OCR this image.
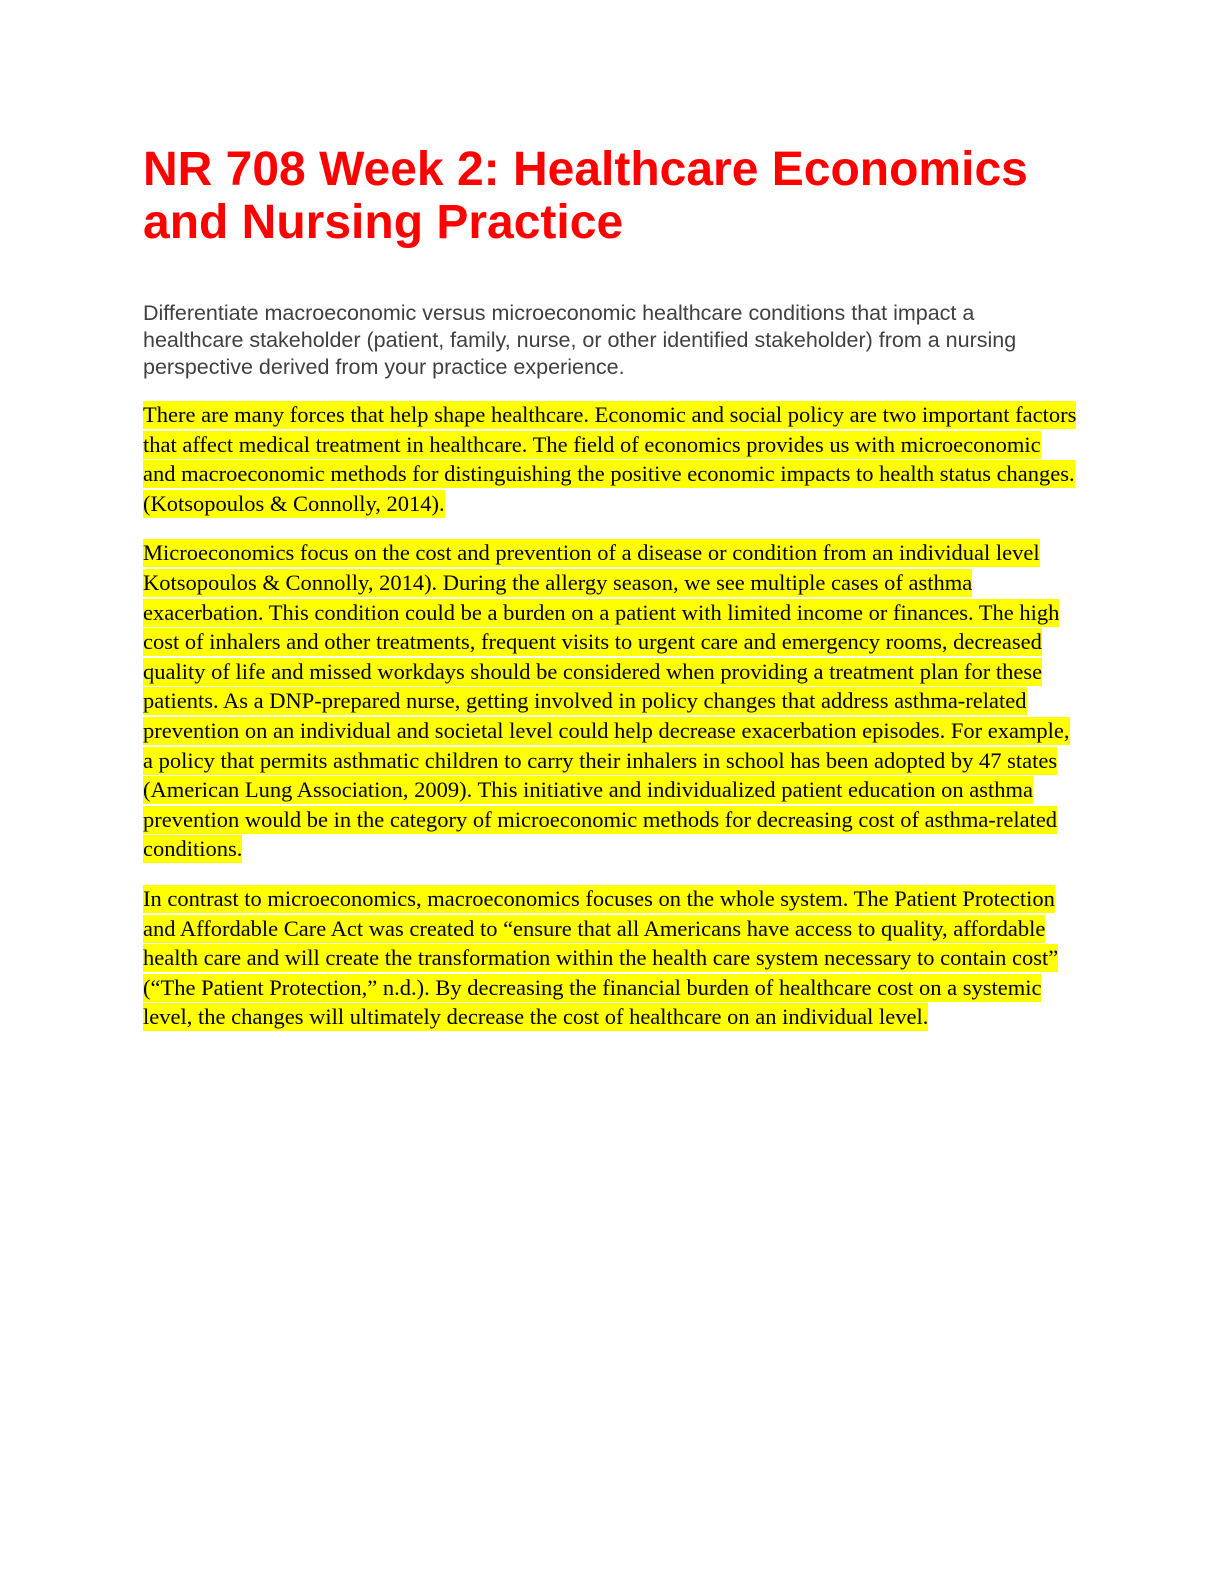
NR 708 Week 2: Healthcare Economics and Nursing Practice

Differentiate macroeconomic versus microeconomic healthcare conditions that impact a healthcare stakeholder (patient, family, nurse, or other identified stakeholder) from a nursing perspective derived from your practice experience.

There are many forces that help shape healthcare. Economic and social policy are two important factors that affect medical treatment in healthcare. The field of economics provides us with microeconomic and macroeconomic methods for distinguishing the positive economic impacts to health status changes. (Kotsopoulos & Connolly, 2014).

Microeconomics focus on the cost and prevention of a disease or condition from an individual level Kotsopoulos & Connolly, 2014). During the allergy season, we see multiple cases of asthma exacerbation. This condition could be a burden on a patient with limited income or finances. The high cost of inhalers and other treatments, frequent visits to urgent care and emergency rooms, decreased quality of life and missed workdays should be considered when providing a treatment plan for these patients. As a DNP-prepared nurse, getting involved in policy changes that address asthma-related prevention on an individual and societal level could help decrease exacerbation episodes. For example, a policy that permits asthmatic children to carry their inhalers in school has been adopted by 47 states (American Lung Association, 2009). This initiative and individualized patient education on asthma prevention would be in the category of microeconomic methods for decreasing cost of asthma-related conditions.

In contrast to microeconomics, macroeconomics focuses on the whole system. The Patient Protection and Affordable Care Act was created to “ensure that all Americans have access to quality, affordable health care and will create the transformation within the health care system necessary to contain cost” (“The Patient Protection,” n.d.). By decreasing the financial burden of healthcare cost on a systemic level, the changes will ultimately decrease the cost of healthcare on an individual level.
